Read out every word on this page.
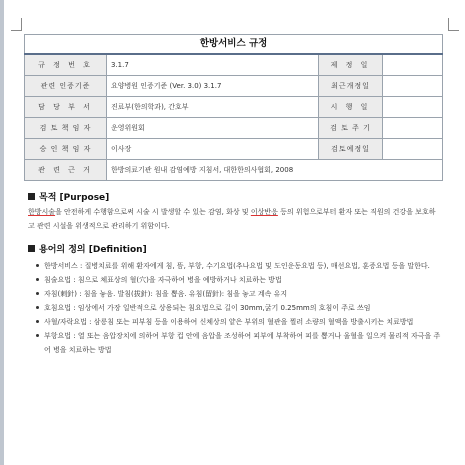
한방서비스 규정			
규 정 번 호	3.1.7	제 정 일	
관련 인증기준	요양병원 인증기준 (Ver. 3.0) 3.1.7	최근개정일	
담 당 부 서	진료부(한의학과), 간호부	시 행 일	
검 토 책 임 자	운영위원회	검 토 주 기	
승 인 책 임 자	이사장	검토예정일	
관 련 근 거	한방의료기관 원내 감염예방 지침서, 대한한의사협회, 2008		
목적 [Purpose]
한방시술을 안전하게 수행함으로써 시술 시 발생할 수 있는 감염, 화상 및 이상반응 등의 위험으로부터 환자 또는 직원의 건강을 보호하고 관련 시설을 위생적으로 관리하기 위함이다.
용어의 정의 [Definition]
한방서비스 : 질병치료를 위해 환자에게 침, 뜸, 부항, 수기요법(추나요법 및 도인운동요법 등), 매선요법, 훈증요법 등을 말한다.
침술요법 : 침으로 체표상의 혈(穴)을 자극하여 병을 예방하거나 치료하는 방법
자침(刺針) : 침을 놓음. 발침(拔針): 침을 뽑음. 유침(留針): 침을 놓고 계속 유지
호침요법 : 임상에서 가장 일반적으로 상용되는 침요법으로 길이 30mm,굵기 0.25mm의 호침이 주로 쓰임
사혈/자락요법 : 삼릉침 또는 피부침 등을 이용하여 신체상의 얕은 부위의 혈관을 찔러 소량의 혈액을 방출시키는 치료방법
부항요법 : 열 또는 음압장치에 의하여 부항 컵 안에 음압을 조성하여 피부에 부착하여 피를 뽑거나 울혈을 일으켜 물리적 자극을 주어 병을 치료하는 방법
